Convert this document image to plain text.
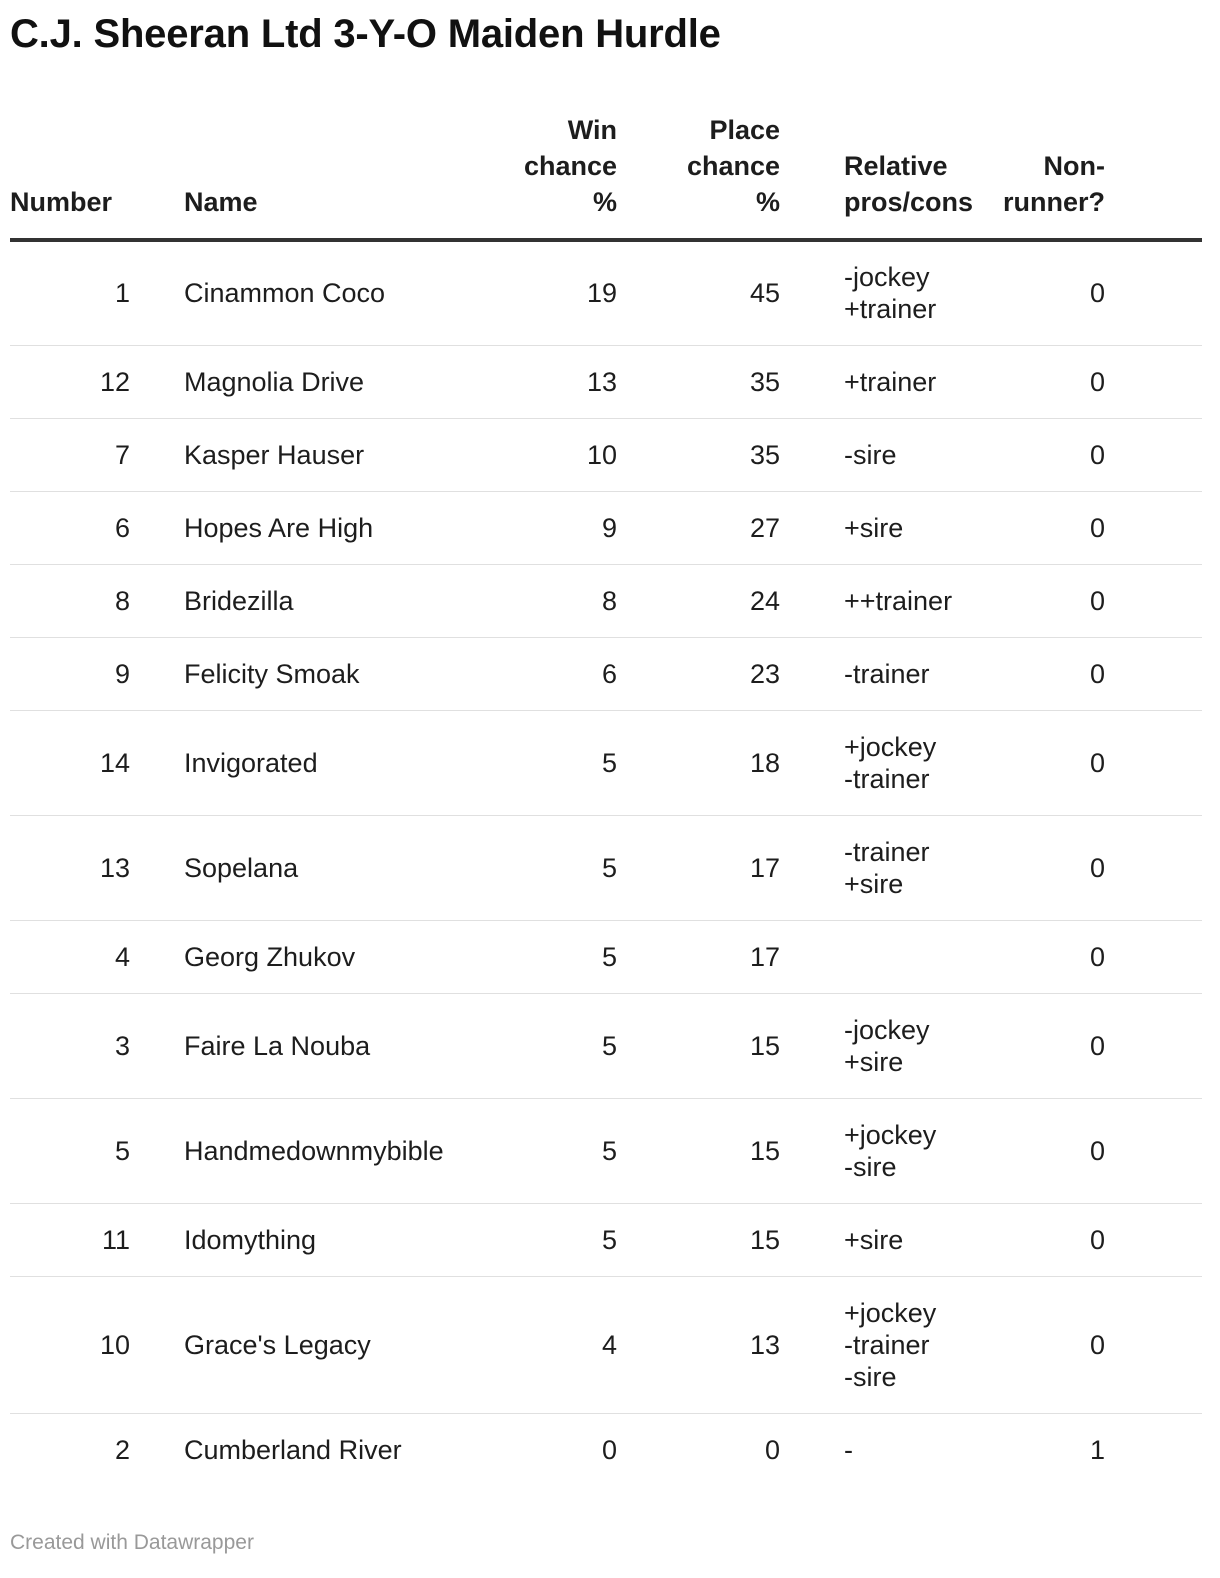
C.J. Sheeran Ltd 3-Y-O Maiden Hurdle
Number	Name	Win
chance
%	Place
chance
%	Relative
pros/cons	Non-
runner?	

1	Cinammon Coco	19	45	-jockey
+trainer	0	
12	Magnolia Drive	13	35	+trainer	0	
7	Kasper Hauser	10	35	-sire	0	
6	Hopes Are High	9	27	+sire	0	
8	Bridezilla	8	24	++trainer	0	
9	Felicity Smoak	6	23	-trainer	0	
14	Invigorated	5	18	+jockey
-trainer	0	
13	Sopelana	5	17	-trainer
+sire	0	
4	Georg Zhukov	5	17		0	
3	Faire La Nouba	5	15	-jockey
+sire	0	
5	Handmedownmybible	5	15	+jockey
-sire	0	
11	Idomything	5	15	+sire	0	
10	Grace's Legacy	4	13	+jockey
-trainer
-sire	0	
2	Cumberland River	0	0	-	1	
Created with Datawrapper
